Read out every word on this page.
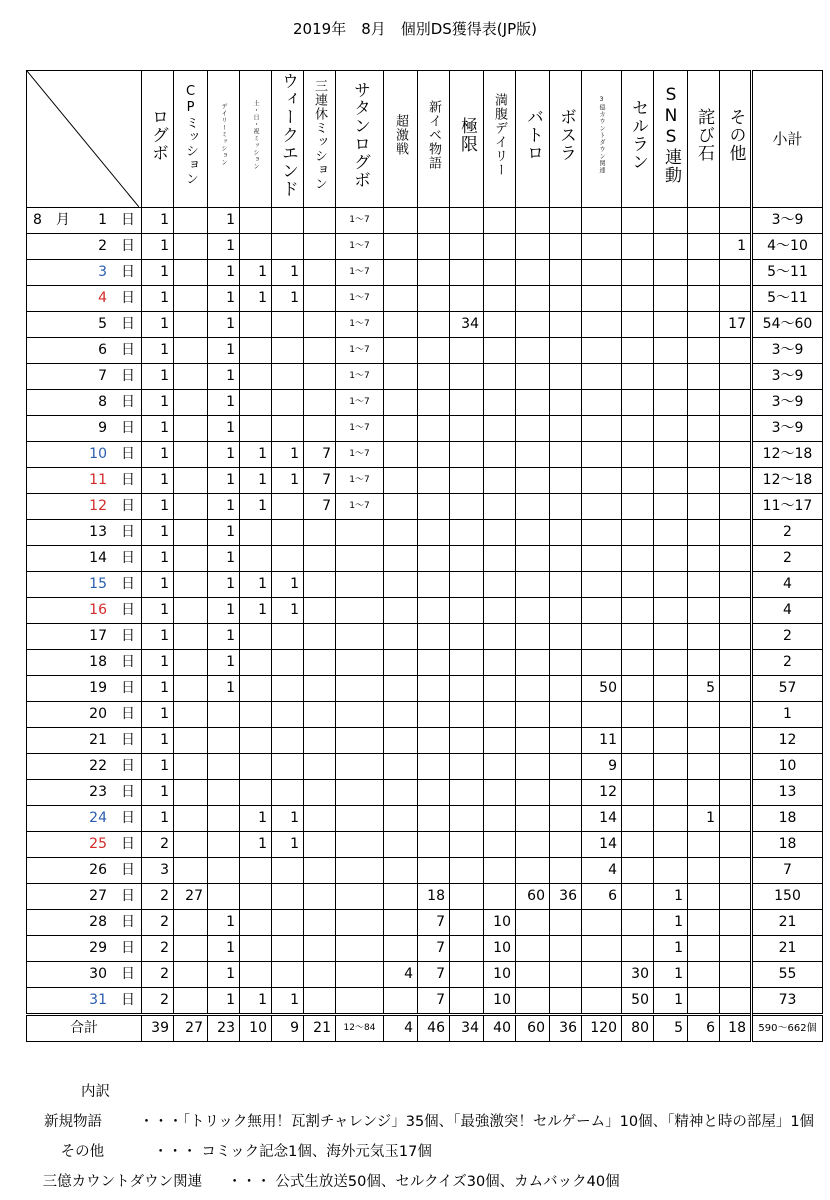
2019年　8月　個別DS獲得表(JP版)
	ログボ	CPミッション	デイリーミッション	土・日・祝ミッション	ウィークエンド	三連休ミッション	サタンログボ	超激戦	新イベ物語	極限	満腹デイリー	バトロ	ボスラ	3億カウントダウン関連	セルラン	SNS連動	詫び石	その他	小計
8　月 1 日	1		1				1〜7												3〜9
2 日	1		1				1〜7											1	4〜10
3 日	1		1	1	1		1〜7												5〜11
4 日	1		1	1	1		1〜7												5〜11
5 日	1		1				1〜7			34								17	54〜60
6 日	1		1				1〜7												3〜9
7 日	1		1				1〜7												3〜9
8 日	1		1				1〜7												3〜9
9 日	1		1				1〜7												3〜9
10 日	1		1	1	1	7	1〜7												12〜18
11 日	1		1	1	1	7	1〜7												12〜18
12 日	1		1	1		7	1〜7												11〜17
13 日	1		1																2
14 日	1		1																2
15 日	1		1	1	1														4
16 日	1		1	1	1														4
17 日	1		1																2
18 日	1		1																2
19 日	1		1											50			5		57
20 日	1																		1
21 日	1													11					12
22 日	1													9					10
23 日	1													12					13
24 日	1			1	1									14			1		18
25 日	2			1	1									14					18
26 日	3													4					7
27 日	2	27							18			60	36	6		1			150
28 日	2		1						7		10					1			21
29 日	2		1						7		10					1			21
30 日	2		1					4	7		10				30	1			55
31 日	2		1	1	1				7		10				50	1			73
合計	39	27	23	10	9	21	12〜84	4	46	34	40	60	36	120	80	5	6	18	590〜662個
内訳
新規物語	・・・「トリック無用！瓦割チャレンジ」35個、「最強激突！セルゲーム」10個、「精神と時の部屋」1個
その他	・・・ コミック記念1個、海外元気玉17個
三億カウントダウン関連 ・・・ 公式生放送50個、セルクイズ30個、カムバック40個
